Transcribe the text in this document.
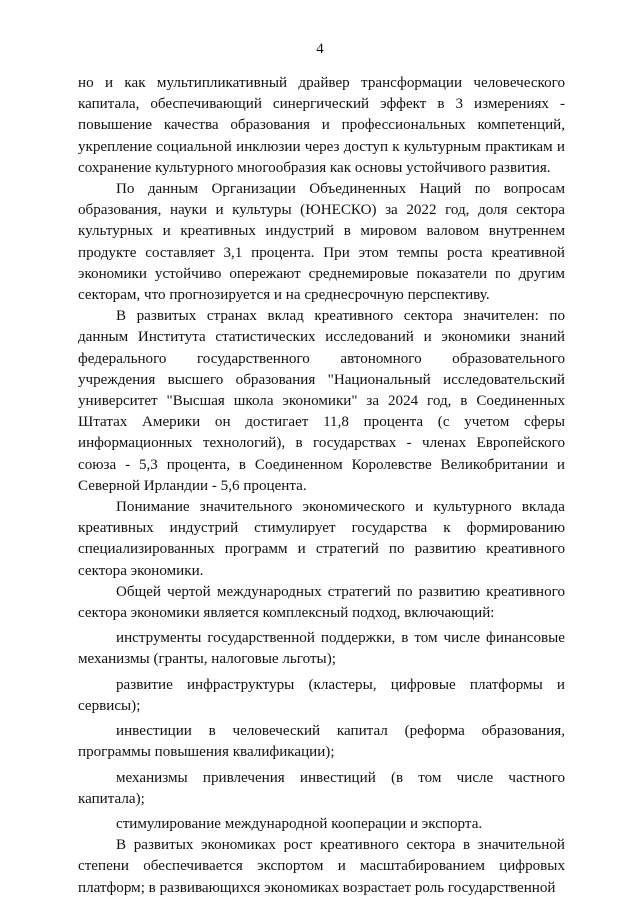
4

но и как мультипликативный драйвер трансформации человеческого капитала, обеспечивающий синергический эффект в 3 измерениях - повышение качества образования и профессиональных компетенций, укрепление социальной инклюзии через доступ к культурным практикам и сохранение культурного многообразия как основы устойчивого развития.

По данным Организации Объединенных Наций по вопросам образования, науки и культуры (ЮНЕСКО) за 2022 год, доля сектора культурных и креативных индустрий в мировом валовом внутреннем продукте составляет 3,1 процента. При этом темпы роста креативной экономики устойчиво опережают среднемировые показатели по другим секторам, что прогнозируется и на среднесрочную перспективу.

В развитых странах вклад креативного сектора значителен: по данным Института статистических исследований и экономики знаний федерального государственного автономного образовательного учреждения высшего образования "Национальный исследовательский университет "Высшая школа экономики" за 2024 год, в Соединенных Штатах Америки он достигает 11,8 процента (с учетом сферы информационных технологий), в государствах - членах Европейского союза - 5,3 процента, в Соединенном Королевстве Великобритании и Северной Ирландии - 5,6 процента.

Понимание значительного экономического и культурного вклада креативных индустрий стимулирует государства к формированию специализированных программ и стратегий по развитию креативного сектора экономики.

Общей чертой международных стратегий по развитию креативного сектора экономики является комплексный подход, включающий:

инструменты государственной поддержки, в том числе финансовые механизмы (гранты, налоговые льготы);

развитие инфраструктуры (кластеры, цифровые платформы и сервисы);

инвестиции в человеческий капитал (реформа образования, программы повышения квалификации);

механизмы привлечения инвестиций (в том числе частного капитала);

стимулирование международной кооперации и экспорта.

В развитых экономиках рост креативного сектора в значительной степени обеспечивается экспортом и масштабированием цифровых платформ; в развивающихся экономиках возрастает роль государственной
